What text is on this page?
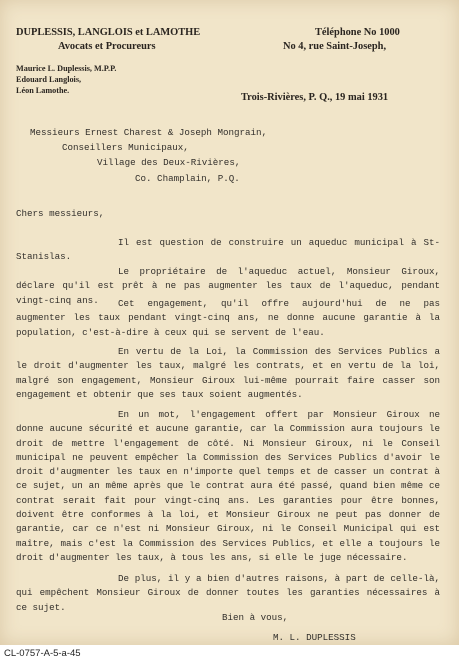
DUPLESSIS, LANGLOIS et LAMOTHE
Avocats et Procureurs
Téléphone No 1000
No 4, rue Saint-Joseph,
Maurice L. Duplessis, M.P.P.
Edouard Langlois,
Léon Lamothe.
Trois-Rivières, P. Q., 19 mai 1931
Messieurs Ernest Charest & Joseph Mongrain,
Conseillers Municipaux,
Village des Deux-Rivières,
Co. Champlain, P.Q.
Chers messieurs,
Il est question de construire un aqueduc municipal à St-Stanislas.
Le propriétaire de l'aqueduc actuel, Monsieur Giroux, déclare qu'il est prêt à ne pas augmenter les taux de l'aqueduc, pendant vingt-cinq ans.	Cet engagement, qu'il offre aujourd'hui de ne pas augmenter les taux pendant vingt-cinq ans, ne donne aucune garantie à la population, c'est-à-dire à ceux qui se servent de l'eau.
En vertu de la Loi, la Commission des Services Publics a le droit d'augmenter les taux, malgré les contrats, et en vertu de la loi, malgré son engagement, Monsieur Giroux lui-même pourrait faire casser son engagement et obtenir que ses taux soient augmentés.
En un mot, l'engagement offert par Monsieur Giroux ne donne aucune sécurité et aucune garantie, car la Commission aura toujours le droit de mettre l'engagement de côté. Ni Monsieur Giroux, ni le Conseil municipal ne peuvent empêcher la Commission des Services Publics d'avoir le droit d'augmenter les taux en n'importe quel temps et de casser un contrat à ce sujet, un an même après que le contrat aura été passé, quand bien même ce contrat serait fait pour vingt-cinq ans. Les garanties pour être bonnes, doivent être conformes à la loi, et Monsieur Giroux ne peut pas donner de garantie, car ce n'est ni Monsieur Giroux, ni le Conseil Municipal qui est maître, mais c'est la Commission des Services Publics, et elle a toujours le droit d'augmenter les taux, à tous les ans, si elle le juge nécessaire.
De plus, il y a bien d'autres raisons, à part de celle-là, qui empêchent Monsieur Giroux de donner toutes les garanties nécessaires à ce sujet.
Bien à vous,
M. L. DUPLESSIS
CL-0757-A-5-a-45
